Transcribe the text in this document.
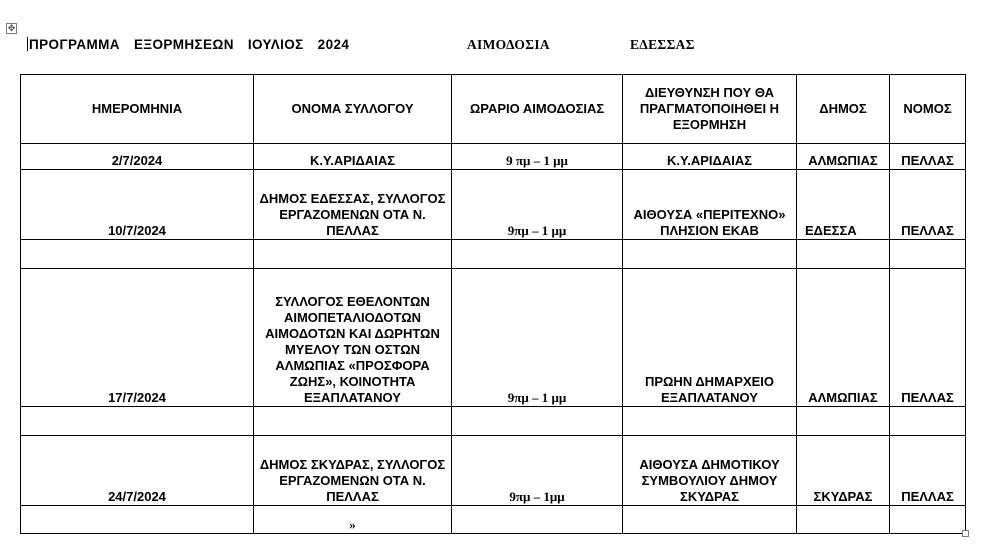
✥
ΠΡΟΓΡΑΜΜΑ ΕΞΟΡΜΗΣΕΩΝ ΙΟΥΛΙΟΣ 2024	ΑΙΜΟΔΟΣΙΑ	ΕΔΕΣΣΑΣ
ΗΜΕΡΟΜΗΝΙΑ	ΟΝΟΜΑ ΣΥΛΛΟΓΟΥ	ΩΡΑΡΙΟ ΑΙΜΟΔΟΣΙΑΣ	ΔΙΕΥΘΥΝΣΗ ΠΟΥ ΘΑ ΠΡΑΓΜΑΤΟΠΟΙΗΘΕΙ Η ΕΞΟΡΜΗΣΗ	ΔΗΜΟΣ	ΝΟΜΟΣ
2/7/2024	Κ.Υ.ΑΡΙΔΑΙΑΣ	9 πμ – 1 μμ	Κ.Υ.ΑΡΙΔΑΙΑΣ	ΑΛΜΩΠΙΑΣ	ΠΕΛΛΑΣ
10/7/2024	ΔΗΜΟΣ ΕΔΕΣΣΑΣ, ΣΥΛΛΟΓΟΣ ΕΡΓΑΖΟΜΕΝΩΝ ΟΤΑ Ν. ΠΕΛΛΑΣ	9πμ – 1 μμ	ΑΙΘΟΥΣΑ «ΠΕΡΙΤΕΧΝΟ» ΠΛΗΣΙΟΝ ΕΚΑΒ	ΕΔΕΣΣΑ	ΠΕΛΛΑΣ

17/7/2024	ΣΥΛΛΟΓΟΣ ΕΘΕΛΟΝΤΩΝ ΑΙΜΟΠΕΤΑΛΙΟΔΟΤΩΝ ΑΙΜΟΔΟΤΩΝ ΚΑΙ ΔΩΡΗΤΩΝ ΜΥΕΛΟΥ ΤΩΝ ΟΣΤΩΝ ΑΛΜΩΠΙΑΣ «ΠΡΟΣΦΟΡΑ ΖΩΗΣ», ΚΟΙΝΟΤΗΤΑ ΕΞΑΠΛΑΤΑΝΟΥ	9πμ – 1 μμ	ΠΡΩΗΝ ΔΗΜΑΡΧΕΙΟ ΕΞΑΠΛΑΤΑΝΟΥ	ΑΛΜΩΠΙΑΣ	ΠΕΛΛΑΣ

24/7/2024	ΔΗΜΟΣ ΣΚΥΔΡΑΣ, ΣΥΛΛΟΓΟΣ ΕΡΓΑΖΟΜΕΝΩΝ ΟΤΑ Ν. ΠΕΛΛΑΣ	9πμ – 1μμ	ΑΙΘΟΥΣΑ ΔΗΜΟΤΙΚΟΥ ΣΥΜΒΟΥΛΙΟΥ ΔΗΜΟΥ ΣΚΥΔΡΑΣ	ΣΚΥΔΡΑΣ	ΠΕΛΛΑΣ
	»				
